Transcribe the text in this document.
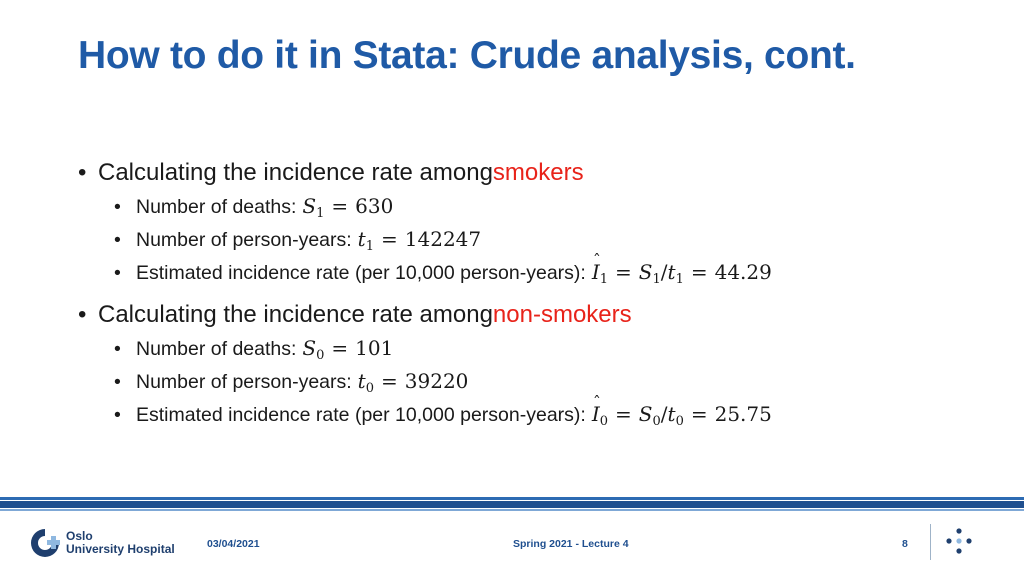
How to do it in Stata: Crude analysis, cont.
• Calculating the incidence rate among smokers
• Number of deaths: $S_1 = 630$
• Number of person-years: $t_1 = 142247$
• Estimated incidence rate (per 10,000 person-years): ˆ $I_1 = S_1/t_1 = 44.29$
• Calculating the incidence rate among non-smokers
• Number of deaths: $S_0 = 101$
• Number of person-years: $t_0 = 39220$
• Estimated incidence rate (per 10,000 person-years): ˆ $I_0 = S_0/t_0 = 25.75$
Oslo
University Hospital	03/04/2021	Spring 2021 - Lecture 4	8
